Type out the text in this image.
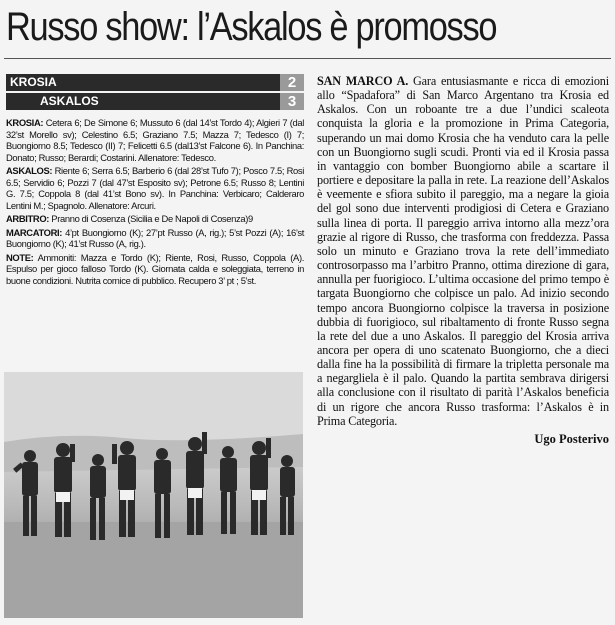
Russo show: l’Askalos è promosso
KROSIA	2
ASKALOS	3

KROSIA: Cetera 6; De Simone 6; Mussuto 6 (dal 14’st Tordo 4); Algieri 7 (dal 32’st Morello sv); Celestino 6.5; Graziano 7.5; Mazza 7; Tedesco (I) 7; Buongiorno 8.5; Tedesco (II) 7; Felicetti 6.5 (dal13’st Falcone 6). In Panchina: Donato; Russo; Berardi; Costarini. Allenatore: Tedesco.

ASKALOS: Riente 6; Serra 6.5; Barberio 6 (dal 28’st Tufo 7); Posco 7.5; Rosi 6.5; Servidio 6; Pozzi 7 (dal 47’st Esposito sv); Petrone 6.5; Russo 8; Lentini G. 7.5; Coppola 8 (dal 41’st Bono sv). In Panchina: Verbicaro; Calderaro Lentini M.; Spagnolo. Allenatore: Arcuri.

ARBITRO: Pranno di Cosenza (Sicilia e De Napoli di Cosenza)9

MARCATORI: 4’pt Buongiorno (K); 27’pt Russo (A, rig.); 5’st Pozzi (A); 16’st Buongiorno (K); 41’st Russo (A, rig.).

NOTE: Ammoniti: Mazza e Tordo (K); Riente, Rosi, Russo, Coppola (A). Espulso per gioco falloso Tordo (K). Giornata calda e soleggiata, terreno in buone condizioni. Nutrita cornice di pubblico. Recupero 3’ pt ; 5’st.

SAN MARCO A. Gara entusiasmante e ricca di emozioni allo “Spadafora” di San Marco Argentano tra Krosia ed Askalos. Con un roboante tre a due l’undici scaleota conquista la gloria e la promozione in Prima Categoria, superando un mai domo Krosia che ha venduto cara la pelle con un Buongiorno sugli scudi. Pronti via ed il Krosia passa in vantaggio con bomber Buongiorno abile a scartare il portiere e depositare la palla in rete. La reazione dell’Askalos è veemente e sfiora subito il pareggio, ma a negare la gioia del gol sono due interventi prodigiosi di Cetera e Graziano sulla linea di porta. Il pareggio arriva intorno alla mezz’ora grazie al rigore di Russo, che trasforma con freddezza. Passa solo un minuto e Graziano trova la rete dell’immediato controsorpasso ma l’arbitro Pranno, ottima direzione di gara, annulla per fuorigioco. L’ultima occasione del primo tempo è targata Buongiorno che colpisce un palo. Ad inizio secondo tempo ancora Buongiorno colpisce la traversa in posizione dubbia di fuorigioco, sul ribaltamento di fronte Russo segna la rete del due a uno Askalos. Il pareggio del Krosia arriva ancora per opera di uno scatenato Buongiorno, che a dieci dalla fine ha la possibilità di firmare la tripletta personale ma a negargliela è il palo. Quando la partita sembrava dirigersi alla conclusione con il risultato di parità l’Askalos beneficia di un rigore che ancora Russo trasforma: l’Askalos è in Prima Categoria.

Ugo Posterivo
